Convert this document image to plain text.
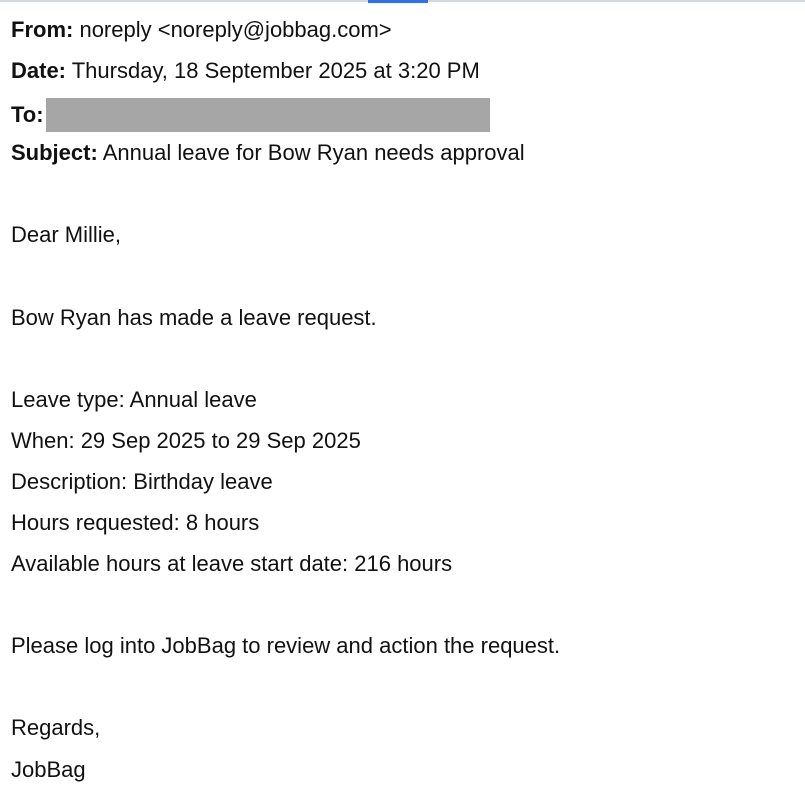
From: noreply <noreply@jobbag.com>
Date: Thursday, 18 September 2025 at 3:20 PM
To:
Subject: Annual leave for Bow Ryan needs approval
Dear Millie,
Bow Ryan has made a leave request.
Leave type: Annual leave
When: 29 Sep 2025 to 29 Sep 2025
Description: Birthday leave
Hours requested: 8 hours
Available hours at leave start date: 216 hours
Please log into JobBag to review and action the request.
Regards,
JobBag
